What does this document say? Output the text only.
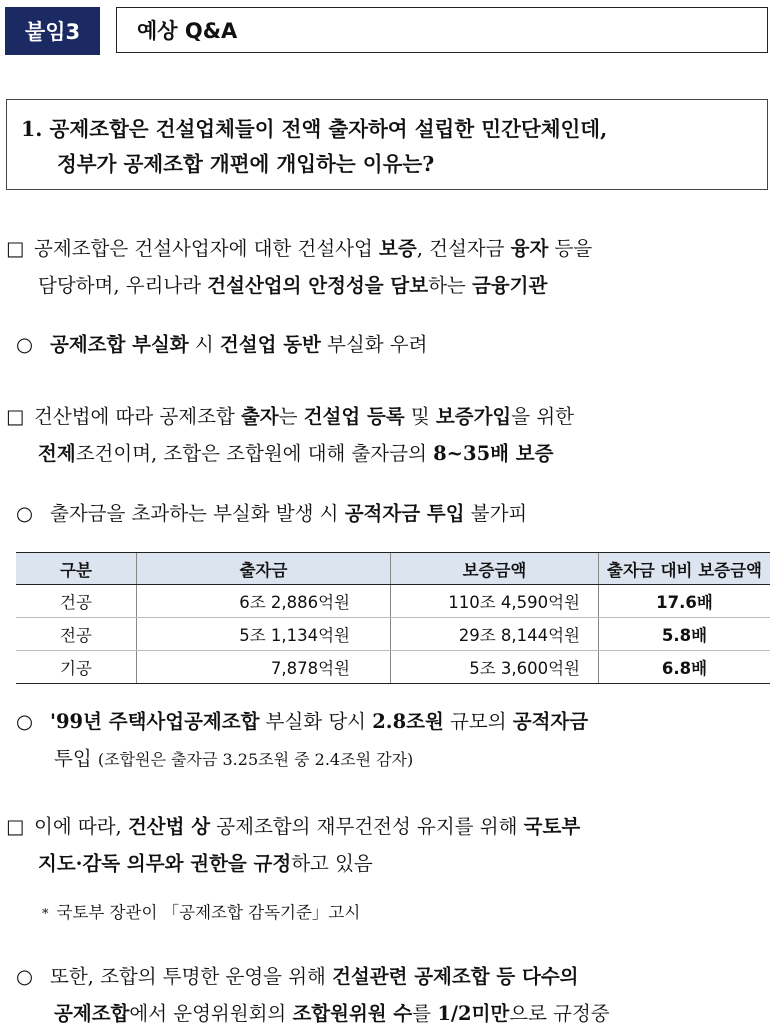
붙임3	예상 Q&A
1. 공제조합은 건설업체들이 전액 출자하여 설립한 민간단체인데,
정부가 공제조합 개편에 개입하는 이유는?
□ 공제조합은 건설사업자에 대한 건설사업 보증, 건설자금 융자 등을
담당하며, 우리나라 건설산업의 안정성을 담보하는 금융기관
○ 공제조합 부실화 시 건설업 동반 부실화 우려
□ 건산법에 따라 공제조합 출자는 건설업 등록 및 보증가입을 위한
전제조건이며, 조합은 조합원에 대해 출자금의 8~35배 보증
○ 출자금을 초과하는 부실화 발생 시 공적자금 투입 불가피
구분	출자금	보증금액	출자금 대비 보증금액
건공	6조 2,886억원	110조 4,590억원	17.6배
전공	5조 1,134억원	29조 8,144억원	5.8배
기공	7,878억원	5조 3,600억원	6.8배
○ '99년 주택사업공제조합 부실화 당시 2.8조원 규모의 공적자금
투입 (조합원은 출자금 3.25조원 중 2.4조원 감자)
□ 이에 따라, 건산법 상 공제조합의 재무건전성 유지를 위해 국토부
지도·감독 의무와 권한을 규정하고 있음
* 국토부 장관이 「공제조합 감독기준」고시
○ 또한, 조합의 투명한 운영을 위해 건설관련 공제조합 등 다수의
공제조합에서 운영위원회의 조합원위원 수를 1/2미만으로 규정중
